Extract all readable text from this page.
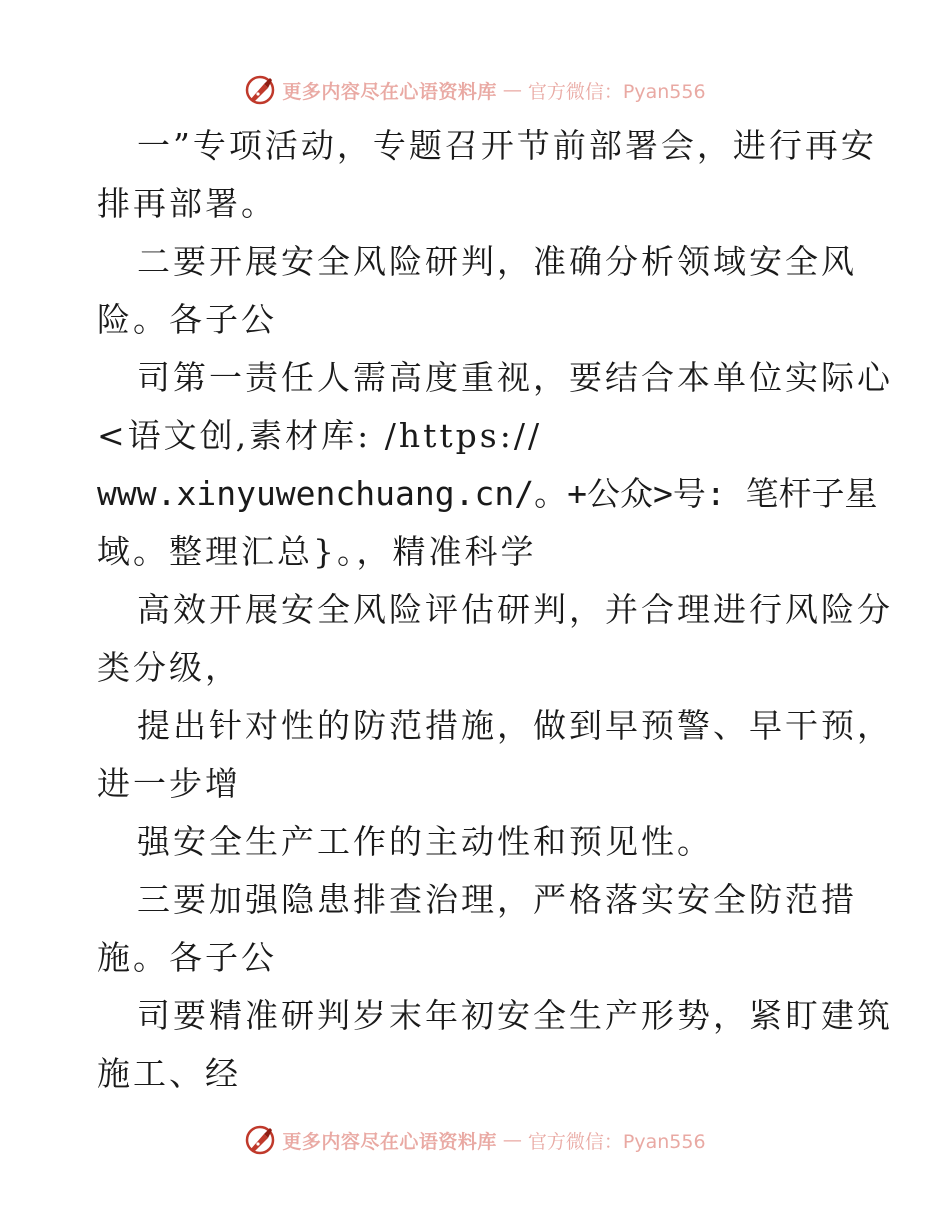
更多内容尽在心语资料库 — 官方微信：Pyan556
一”专项活动，专题召开节前部署会，进行再安
排再部署。
二要开展安全风险研判，准确分析领域安全风
险。各子公
司第一责任人需高度重视，要结合本单位实际心
<语文创,素材库: /https://
www.xinyuwenchuang.cn/。+公众>号: 笔杆子星
域。整理汇总}。，精准科学
高效开展安全风险评估研判，并合理进行风险分
类分级，
提出针对性的防范措施，做到早预警、早干预，
进一步增
强安全生产工作的主动性和预见性。
三要加强隐患排查治理，严格落实安全防范措
施。各子公
司要精准研判岁末年初安全生产形势，紧盯建筑
施工、经
更多内容尽在心语资料库 — 官方微信：Pyan556
